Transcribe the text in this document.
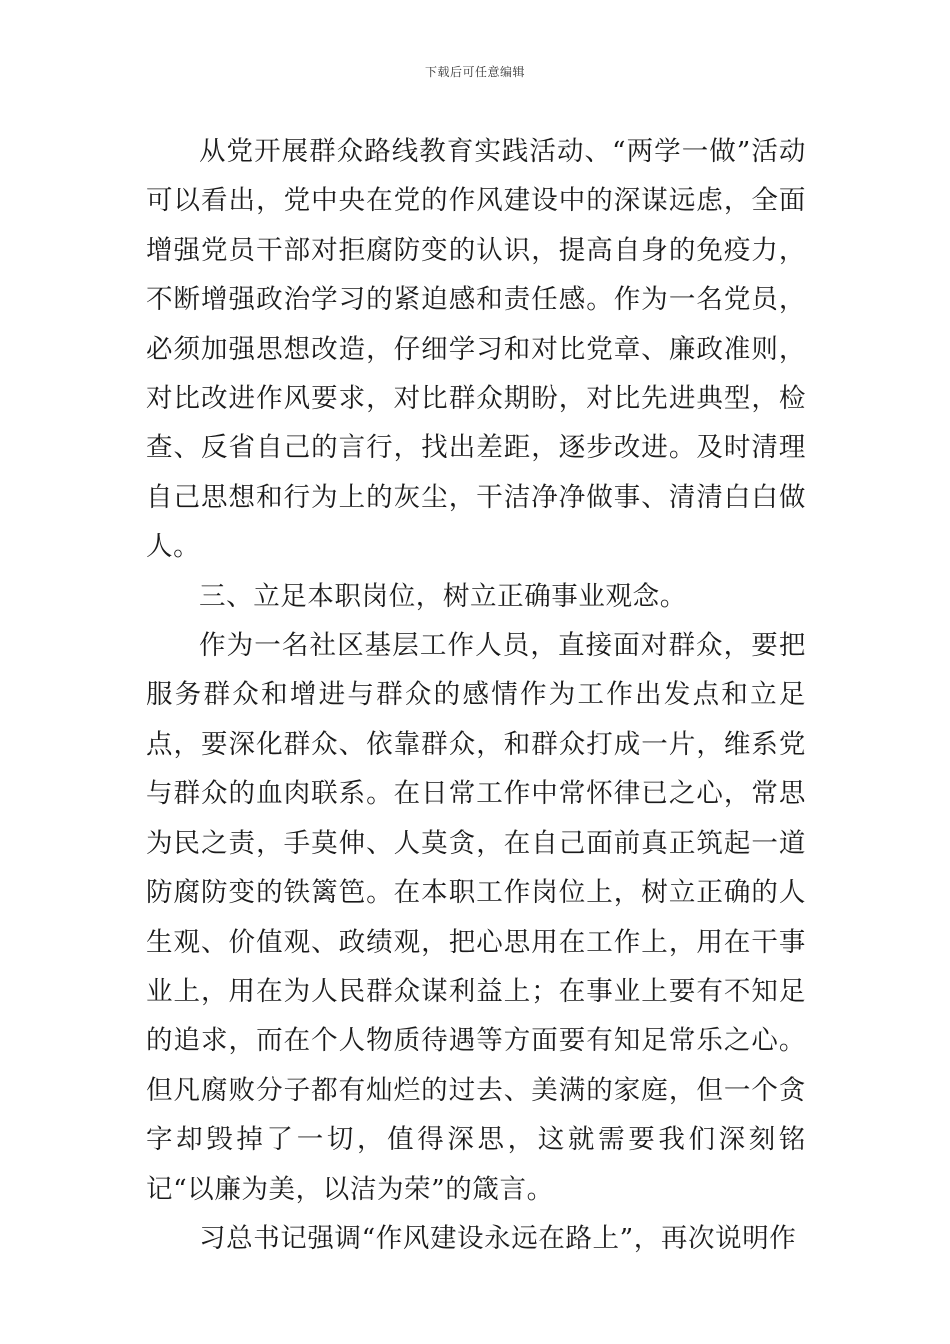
下载后可任意编辑

从党开展群众路线教育实践活动、“两学一做”活动可以看出，党中央在党的作风建设中的深谋远虑，全面增强党员干部对拒腐防变的认识，提高自身的免疫力，不断增强政治学习的紧迫感和责任感。作为一名党员，必须加强思想改造，仔细学习和对比党章、廉政准则，对比改进作风要求，对比群众期盼，对比先进典型，检查、反省自己的言行，找出差距，逐步改进。及时清理自己思想和行为上的灰尘，干洁净净做事、清清白白做人。

三、立足本职岗位，树立正确事业观念。

作为一名社区基层工作人员，直接面对群众，要把服务群众和增进与群众的感情作为工作出发点和立足点，要深化群众、依靠群众，和群众打成一片，维系党与群众的血肉联系。在日常工作中常怀律已之心，常思为民之责，手莫伸、人莫贪，在自己面前真正筑起一道防腐防变的铁篱笆。在本职工作岗位上，树立正确的人生观、价值观、政绩观，把心思用在工作上，用在干事业上，用在为人民群众谋利益上；在事业上要有不知足的追求，而在个人物质待遇等方面要有知足常乐之心。但凡腐败分子都有灿烂的过去、美满的家庭，但一个贪字却毁掉了一切，值得深思，这就需要我们深刻铭记“以廉为美，以洁为荣”的箴言。

习总书记强调“作风建设永远在路上”，再次说明作
